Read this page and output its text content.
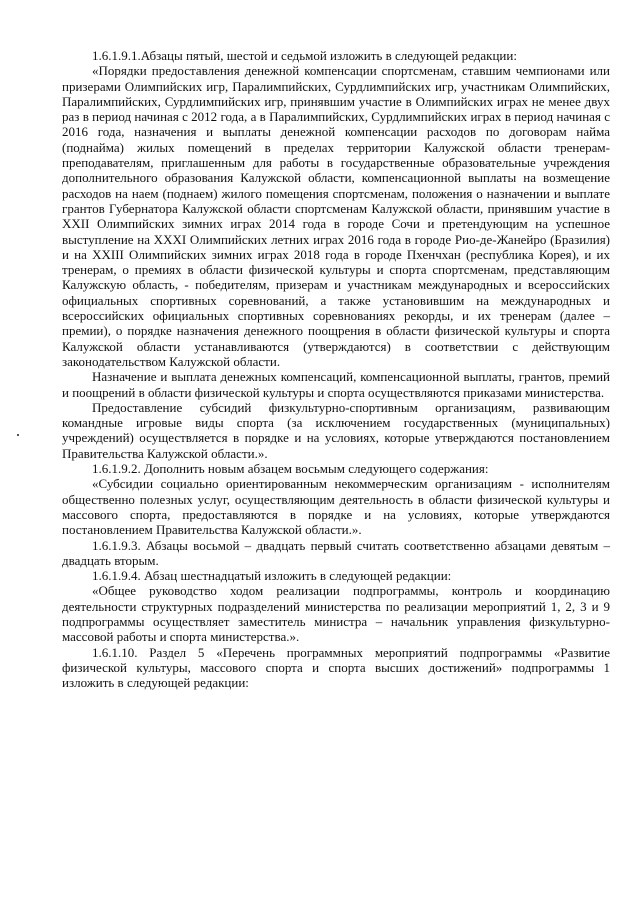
1.6.1.9.1.Абзацы пятый, шестой и седьмой изложить в следующей редакции:

«Порядки предоставления денежной компенсации спортсменам, ставшим чемпионами или призерами Олимпийских игр, Паралимпийских, Сурдлимпийских игр, участникам Олимпийских, Паралимпийских, Сурдлимпийских игр, принявшим участие в Олимпийских играх не менее двух раз в период начиная с 2012 года, а в Паралимпийских, Сурдлимпийских играх в период начиная с 2016 года, назначения и выплаты денежной компенсации расходов по договорам найма (поднайма) жилых помещений в пределах территории Калужской области тренерам-преподавателям, приглашенным для работы в государственные образовательные учреждения дополнительного образования Калужской области, компенсационной выплаты на возмещение расходов на наем (поднаем) жилого помещения спортсменам, положения о назначении и выплате грантов Губернатора Калужской области спортсменам Калужской области, принявшим участие в XXII Олимпийских зимних играх 2014 года в городе Сочи и претендующим на успешное выступление на XXXI Олимпийских летних играх 2016 года в городе Рио-де-Жанейро (Бразилия) и на XXIII Олимпийских зимних играх 2018 года в городе Пхенчхан (республика Корея), и их тренерам, о премиях в области физической культуры и спорта спортсменам, представляющим Калужскую область, - победителям, призерам и участникам международных и всероссийских официальных спортивных соревнований, а также установившим на международных и всероссийских официальных спортивных соревнованиях рекорды, и их тренерам (далее – премии), о порядке назначения денежного поощрения в области физической культуры и спорта Калужской области устанавливаются (утверждаются) в соответствии с действующим законодательством Калужской области.

Назначение и выплата денежных компенсаций, компенсационной выплаты, грантов, премий и поощрений в области физической культуры и спорта осуществляются приказами министерства.

Предоставление субсидий физкультурно-спортивным организациям, развивающим командные игровые виды спорта (за исключением государственных (муниципальных) учреждений) осуществляется в порядке и на условиях, которые утверждаются постановлением Правительства Калужской области.».

1.6.1.9.2. Дополнить новым абзацем восьмым следующего содержания:

«Субсидии социально ориентированным некоммерческим организациям - исполнителям общественно полезных услуг, осуществляющим деятельность в области физической культуры и массового спорта, предоставляются в порядке и на условиях, которые утверждаются постановлением Правительства Калужской области.».

1.6.1.9.3. Абзацы восьмой – двадцать первый считать соответственно абзацами девятым – двадцать вторым.

1.6.1.9.4. Абзац шестнадцатый изложить в следующей редакции:

«Общее руководство ходом реализации подпрограммы, контроль и координацию деятельности структурных подразделений министерства по реализации мероприятий 1, 2, 3 и 9 подпрограммы осуществляет заместитель министра – начальник управления физкультурно-массовой работы и спорта министерства.».

1.6.1.10. Раздел 5 «Перечень программных мероприятий подпрограммы «Развитие физической культуры, массового спорта и спорта высших достижений» подпрограммы 1 изложить в следующей редакции:
